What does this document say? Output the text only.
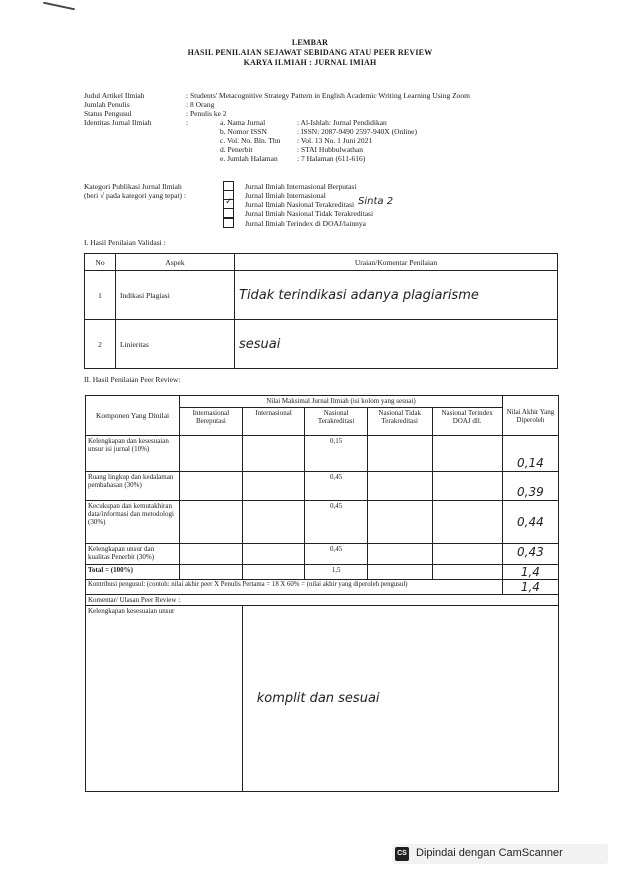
LEMBAR
HASIL PENILAIAN SEJAWAT SEBIDANG ATAU PEER REVIEW
KARYA ILMIAH : JURNAL IMIAH
Judul Artikel Ilmiah	: Students' Metacognitive Strategy Pattern in English Academic Writing Learning Using Zoom
Jumlah Penulis	: 8 Orang
Status Pengusul	: Penulis ke 2
Identitas Jurnal Ilmiah	:	a. Nama Jurnal	: Al-Ishlah: Jurnal Pendidikan
b. Nomor ISSN	: ISSN: 2087-9490 2597-940X (Online)
c. Vol. No. Bln. Thn : Vol. 13 No. 1 Juni 2021
d. Penerbit	: STAI Hubbulwathan
e. Jumlah Halaman	: 7 Halaman (611-616)
Kategori Publikasi Jurnal Ilmiah
(beri √ pada kategori yang tepat) :
Jurnal Ilmiah Internasional Berputasi
Jurnal Ilmiah Internasional
✓ Jurnal Ilmiah Nasional Terakreditasi Sinta 2
Jurnal Ilmiah Nasional Tidak Terakreditasi
Jurnal Ilmiah Terindex di DOAJ/lainnya
I. Hasil Penilaian Validasi :
No	Aspek	Uraian/Komentar Penilaian
1	Indikasi Plagiasi	Tidak terindikasi adanya plagiarisme
2	Linieritas	sesuai
II. Hasil Penilaian Peer Review:
Komponen Yang Dinilai	Nilai Maksimal Jurnal Ilmiah (isi kolom yang sesuai)					Nilai Akhir Yang Diperoleh
	Internasional Bereputasi	Internasional	Nasional Terakreditasi	Nasional Tidak Terakreditasi	Nasional Terindex DOAJ dll.	
Kelengkapan dan kesesuaian unsur isi jurnal (10%)			0,15			0,14
Ruang lingkup dan kedalaman pembahasan (30%)			0,45			0,39
Kecukupan dan kemutakhiran data/informasi dan metodologi (30%)			0,45			0,44
Kelengkapan unsur dan kualitas Penerbit (30%)			0,45			0,43
Total = (100%)			1,5			1,4
Kontribusi pengusul: (contoh: nilai akhir peer X Penulis Pertama = 18 X 60% = (nilai akhir yang diperoleh pengusul)						1,4
Komentar/ Ulasan Peer Review :						
Kelengkapan kesesuaian unsur		komplit dan sesuai				
CS Dipindai dengan CamScanner
